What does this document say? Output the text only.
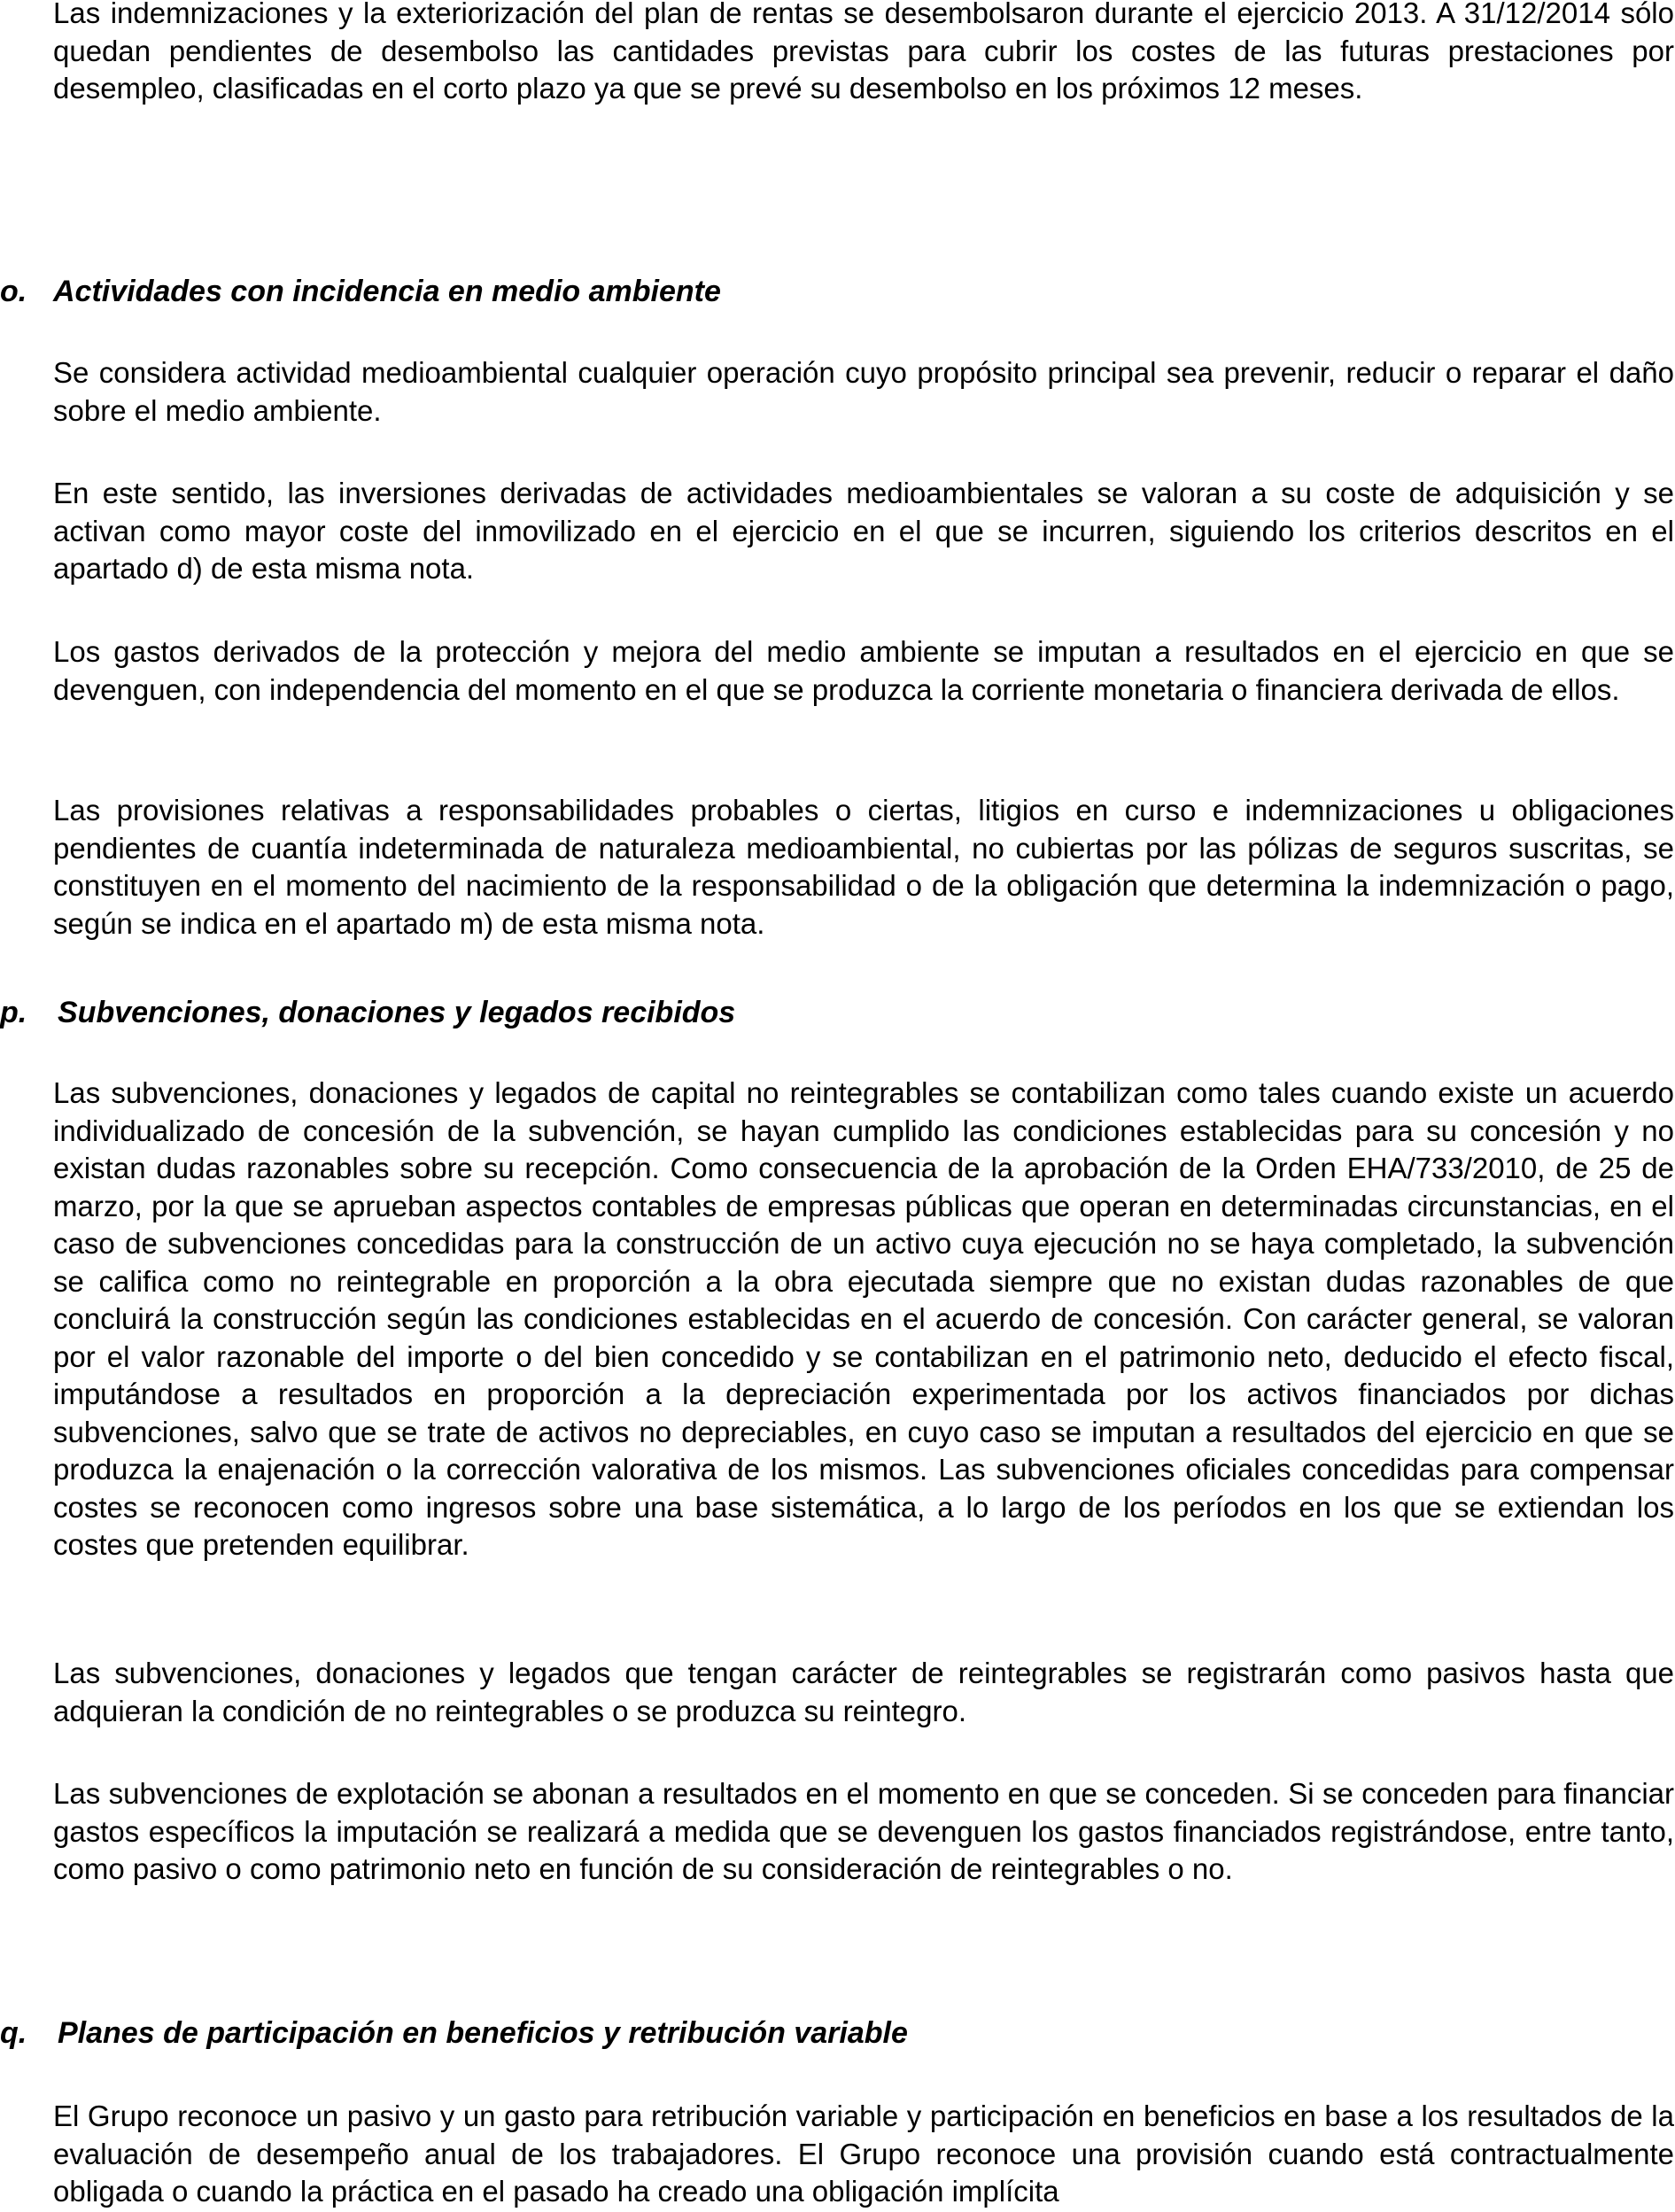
Las indemnizaciones y la exteriorización del plan de rentas se desembolsaron durante el ejercicio 2013. A 31/12/2014 sólo quedan pendientes de desembolso las cantidades previstas para cubrir los costes de las futuras prestaciones por desempleo, clasificadas en el corto plazo ya que se prevé su desembolso en los próximos 12 meses.

o. Actividades con incidencia en medio ambiente

Se considera actividad medioambiental cualquier operación cuyo propósito principal sea prevenir, reducir o reparar el daño sobre el medio ambiente.

En este sentido, las inversiones derivadas de actividades medioambientales se valoran a su coste de adquisición y se activan como mayor coste del inmovilizado en el ejercicio en el que se incurren, siguiendo los criterios descritos en el apartado d) de esta misma nota.

Los gastos derivados de la protección y mejora del medio ambiente se imputan a resultados en el ejercicio en que se devenguen, con independencia del momento en el que se produzca la corriente monetaria o financiera derivada de ellos.

Las provisiones relativas a responsabilidades probables o ciertas, litigios en curso e indemnizaciones u obligaciones pendientes de cuantía indeterminada de naturaleza medioambiental, no cubiertas por las pólizas de seguros suscritas, se constituyen en el momento del nacimiento de la responsabilidad o de la obligación que determina la indemnización o pago, según se indica en el apartado m) de esta misma nota.

p. Subvenciones, donaciones y legados recibidos

Las subvenciones, donaciones y legados de capital no reintegrables se contabilizan como tales cuando existe un acuerdo individualizado de concesión de la subvención, se hayan cumplido las condiciones establecidas para su concesión y no existan dudas razonables sobre su recepción. Como consecuencia de la aprobación de la Orden EHA/733/2010, de 25 de marzo, por la que se aprueban aspectos contables de empresas públicas que operan en determinadas circunstancias, en el caso de subvenciones concedidas para la construcción de un activo cuya ejecución no se haya completado, la subvención se califica como no reintegrable en proporción a la obra ejecutada siempre que no existan dudas razonables de que concluirá la construcción según las condiciones establecidas en el acuerdo de concesión. Con carácter general, se valoran por el valor razonable del importe o del bien concedido y se contabilizan en el patrimonio neto, deducido el efecto fiscal, imputándose a resultados en proporción a la depreciación experimentada por los activos financiados por dichas subvenciones, salvo que se trate de activos no depreciables, en cuyo caso se imputan a resultados del ejercicio en que se produzca la enajenación o la corrección valorativa de los mismos. Las subvenciones oficiales concedidas para compensar costes se reconocen como ingresos sobre una base sistemática, a lo largo de los períodos en los que se extiendan los costes que pretenden equilibrar.

Las subvenciones, donaciones y legados que tengan carácter de reintegrables se registrarán como pasivos hasta que adquieran la condición de no reintegrables o se produzca su reintegro.

Las subvenciones de explotación se abonan a resultados en el momento en que se conceden. Si se conceden para financiar gastos específicos la imputación se realizará a medida que se devenguen los gastos financiados registrándose, entre tanto, como pasivo o como patrimonio neto en función de su consideración de reintegrables o no.

q. Planes de participación en beneficios y retribución variable

El Grupo reconoce un pasivo y un gasto para retribución variable y participación en beneficios en base a los resultados de la evaluación de desempeño anual de los trabajadores. El Grupo reconoce una provisión cuando está contractualmente obligada o cuando la práctica en el pasado ha creado una obligación implícita
